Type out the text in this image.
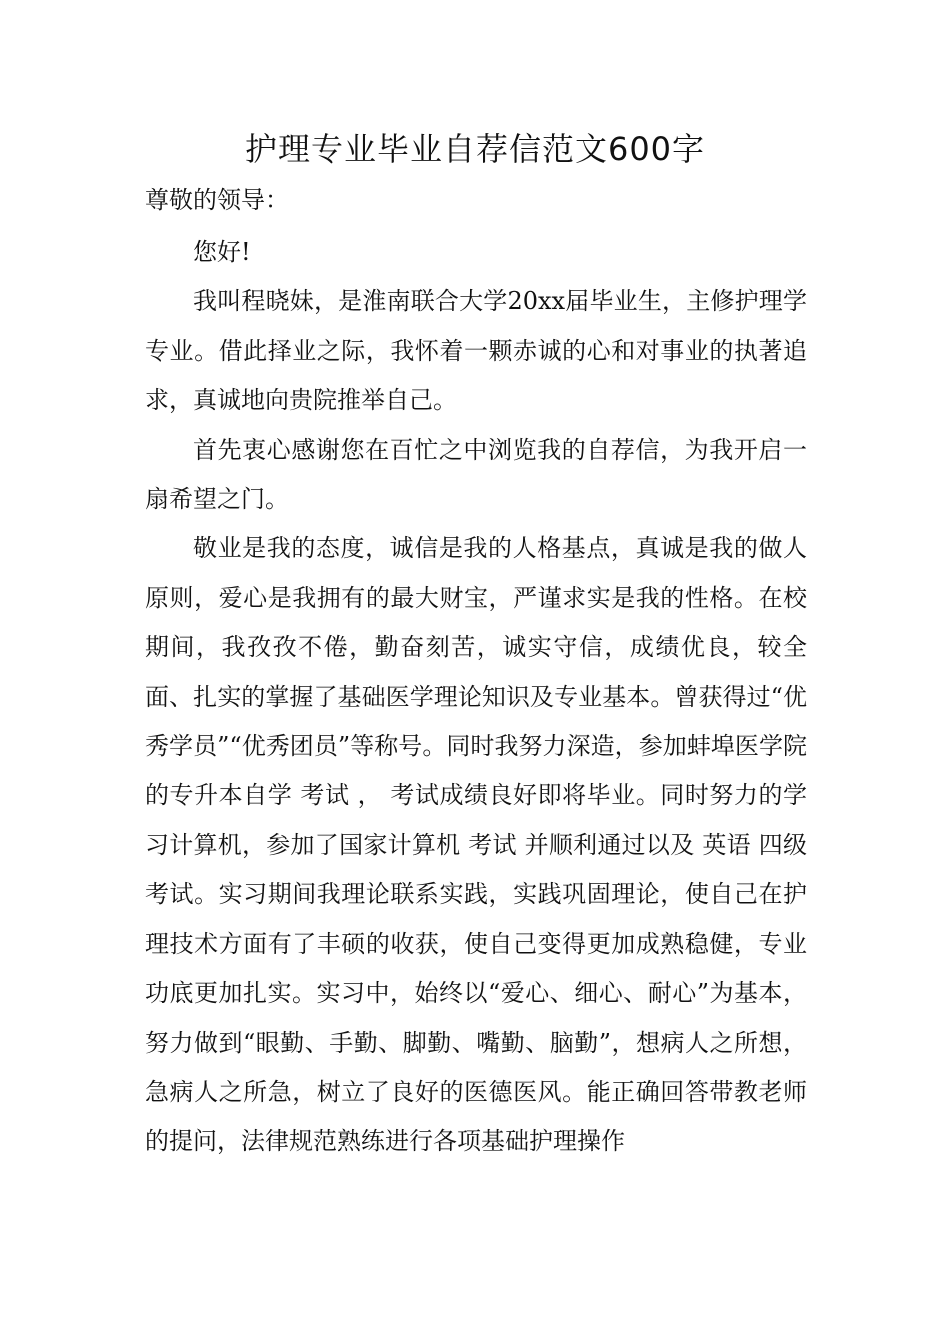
护理专业毕业自荐信范文600字

尊敬的领导：

您好!

我叫程晓妹，是淮南联合大学20xx届毕业生，主修护理学专业。借此择业之际，我怀着一颗赤诚的心和对事业的执著追求，真诚地向贵院推举自己。

首先衷心感谢您在百忙之中浏览我的自荐信，为我开启一扇希望之门。

敬业是我的态度，诚信是我的人格基点，真诚是我的做人原则，爱心是我拥有的最大财宝，严谨求实是我的性格。在校期间，我孜孜不倦，勤奋刻苦，诚实守信，成绩优良，较全面、扎实的掌握了基础医学理论知识及专业基本。曾获得过“优秀学员”“优秀团员”等称号。同时我努力深造，参加蚌埠医学院的专升本自学 考试 ， 考试成绩良好即将毕业。同时努力的学习计算机，参加了国家计算机 考试 并顺利通过以及 英语 四级考试。实习期间我理论联系实践，实践巩固理论，使自己在护理技术方面有了丰硕的收获，使自己变得更加成熟稳健，专业功底更加扎实。实习中，始终以“爱心、细心、耐心”为基本，努力做到“眼勤、手勤、脚勤、嘴勤、脑勤”，想病人之所想，急病人之所急，树立了良好的医德医风。能正确回答带教老师的提问，法律规范熟练进行各项基础护理操作
